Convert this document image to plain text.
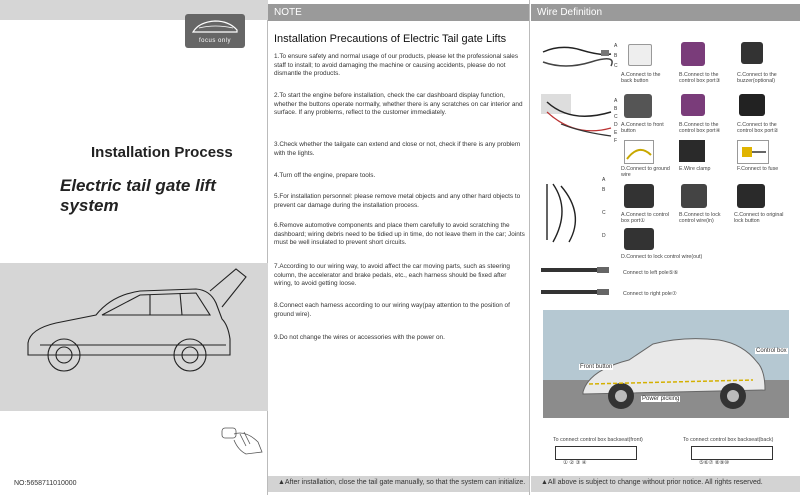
focus only
Installation Process
Electric tail gate lift system
NO:5658711010000
NOTE
Installation Precautions of Electric Tail gate Lifts

1.To ensure safety and normal usage of our products, please let the professional sales staff to install; to avoid damaging the machine or causing accidents, please do not dismantle the products.

2.To start the engine before installation, check the car dashboard display function, whether the buttons operate normally, whether there is any scratches on car interior and surface. If any problems, reflect to the customer immediately.

3.Check whether the tailgate can extend and close or not, check if there is any problem with the lights.

4.Turn off the engine, prepare tools.

5.For installation personnel: please remove metal objects and any other hard objects to prevent car damage during the installation process.

6.Remove automotive components and place them carefully to avoid scratching the dashboard; wiring debris need to be tidied up in time, do not leave them in the car; Joints must be well insulated to prevent short circuits.

7.According to our wiring way, to avoid affect the car moving parts, such as steering column, the accelerator and brake pedals, etc., each harness should be fixed after wiring, to avoid getting loose.

8.Connect each harness according to our wiring way(pay attention to the position of ground wire).

9.Do not change the wires or accessories with the power on.

▲After installation, close the tail gate manually, so that the system can initialize.
Wire Definition
A
B
C
A.Connect to the back button
B.Connect to the control box port③
C.Connect to the buzzer(optional)
A
B
C
D
E
F
A.Connect to front button
B.Connect to the control box port④
C.Connect to the control box port②
D.Connect to ground wire
E.Wire clamp	F.Connect to fuse
A
B
C
D
A.Connect to control box port①
B.Connect to lock control wire(in)
C.Connect to original lock button
D.Connect to lock control wire(out)
Connect to left pole⑤⑥
Connect to right pole⑦
Control box
Front button
Power picking
To connect control box backseat(front)	To connect control box backseat(back)
① ② ③ ④	⑤⑥⑦ ⑧⑨⑩
▲All above is subject to change without prior notice. All rights reserved.
